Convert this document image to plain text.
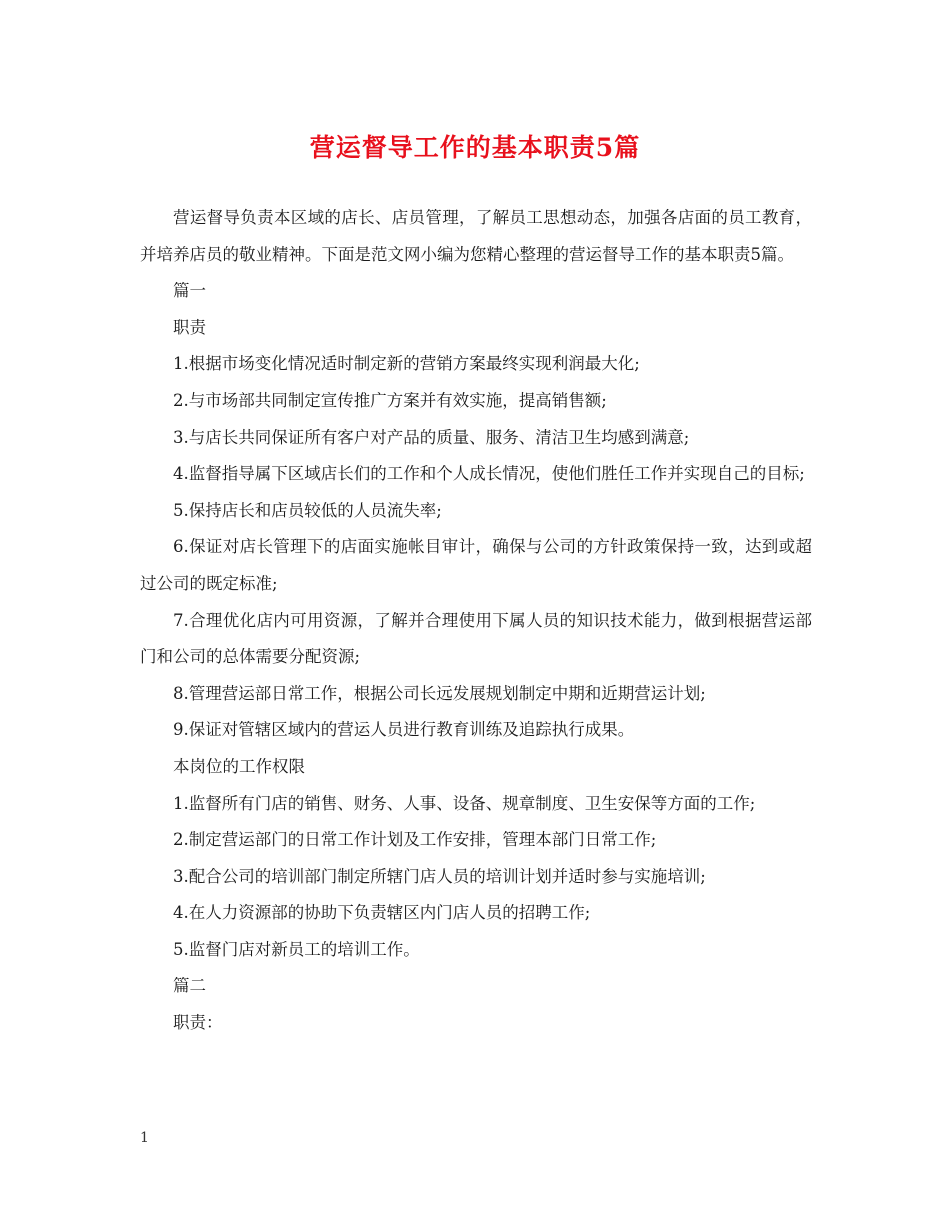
营运督导工作的基本职责5篇

营运督导负责本区域的店长、店员管理，了解员工思想动态，加强各店面的员工教育，并培养店员的敬业精神。下面是范文网小编为您精心整理的营运督导工作的基本职责5篇。

篇一

职责

1.根据市场变化情况适时制定新的营销方案最终实现利润最大化;

2.与市场部共同制定宣传推广方案并有效实施，提高销售额;

3.与店长共同保证所有客户对产品的质量、服务、清洁卫生均感到满意;

4.监督指导属下区域店长们的工作和个人成长情况，使他们胜任工作并实现自己的目标;

5.保持店长和店员较低的人员流失率;

6.保证对店长管理下的店面实施帐目审计，确保与公司的方针政策保持一致，达到或超过公司的既定标准;

7.合理优化店内可用资源，了解并合理使用下属人员的知识技术能力，做到根据营运部门和公司的总体需要分配资源;

8.管理营运部日常工作，根据公司长远发展规划制定中期和近期营运计划;

9.保证对管辖区域内的营运人员进行教育训练及追踪执行成果。

本岗位的工作权限

1.监督所有门店的销售、财务、人事、设备、规章制度、卫生安保等方面的工作;

2.制定营运部门的日常工作计划及工作安排，管理本部门日常工作;

3.配合公司的培训部门制定所辖门店人员的培训计划并适时参与实施培训;

4.在人力资源部的协助下负责辖区内门店人员的招聘工作;

5.监督门店对新员工的培训工作。

篇二

职责：

1
